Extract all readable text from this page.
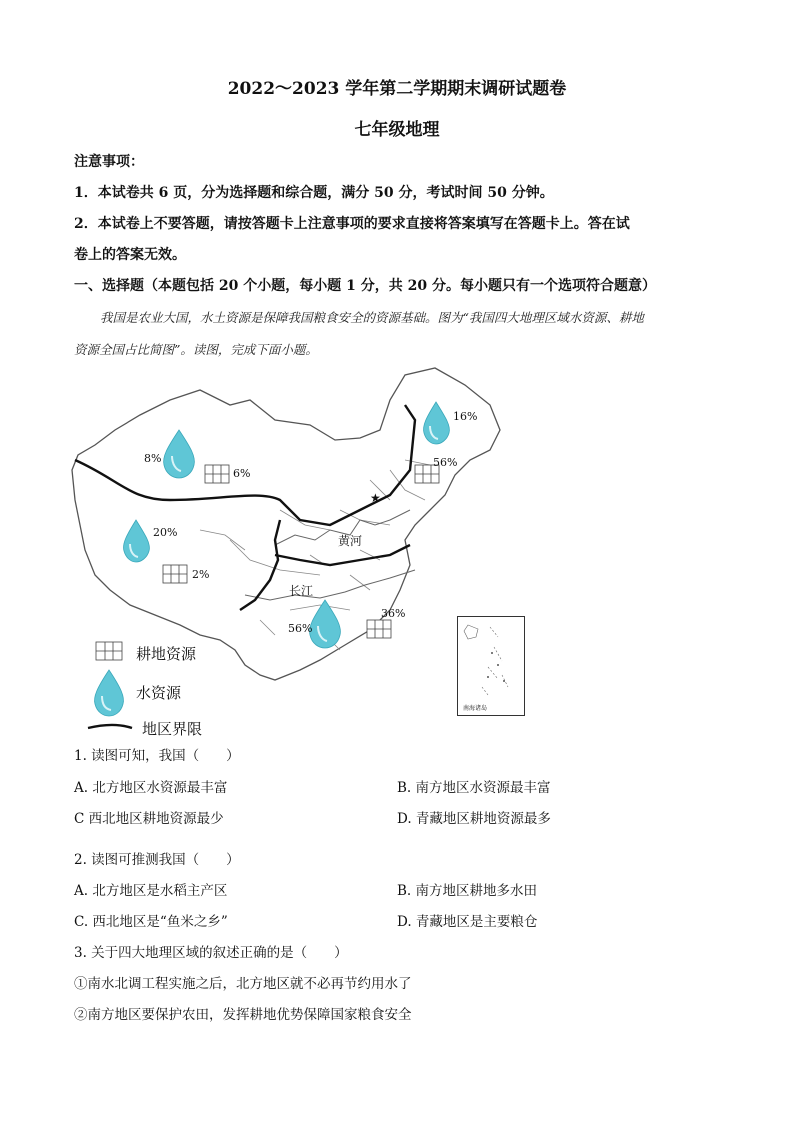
2022～2023 学年第二学期期末调研试题卷
七年级地理
注意事项：
1．本试卷共 6 页，分为选择题和综合题，满分 50 分，考试时间 50 分钟。
2．本试卷上不要答题，请按答题卡上注意事项的要求直接将答案填写在答题卡上。答在试
卷上的答案无效。
一、选择题（本题包括 20 个小题，每小题 1 分，共 20 分。每小题只有一个选项符合题意）
我国是农业大国，水土资源是保障我国粮食安全的资源基础。图为“我国四大地理区域水资源、耕地
资源全国占比简图”。读图，完成下面小题。
★
8%
6%
16%
56%
20%
2%
56%
36%
黄河
长江
南海诸岛
耕地资源
水资源
地区界限
1. 读图可知，我国（　　）
A. 北方地区水资源最丰富	B. 南方地区水资源最丰富
C 西北地区耕地资源最少	D. 青藏地区耕地资源最多
2. 读图可推测我国（　　）
A. 北方地区是水稻主产区	B. 南方地区耕地多水田
C. 西北地区是“鱼米之乡”	D. 青藏地区是主要粮仓
3. 关于四大地理区域的叙述正确的是（　　）
①南水北调工程实施之后，北方地区就不必再节约用水了
②南方地区要保护农田，发挥耕地优势保障国家粮食安全
